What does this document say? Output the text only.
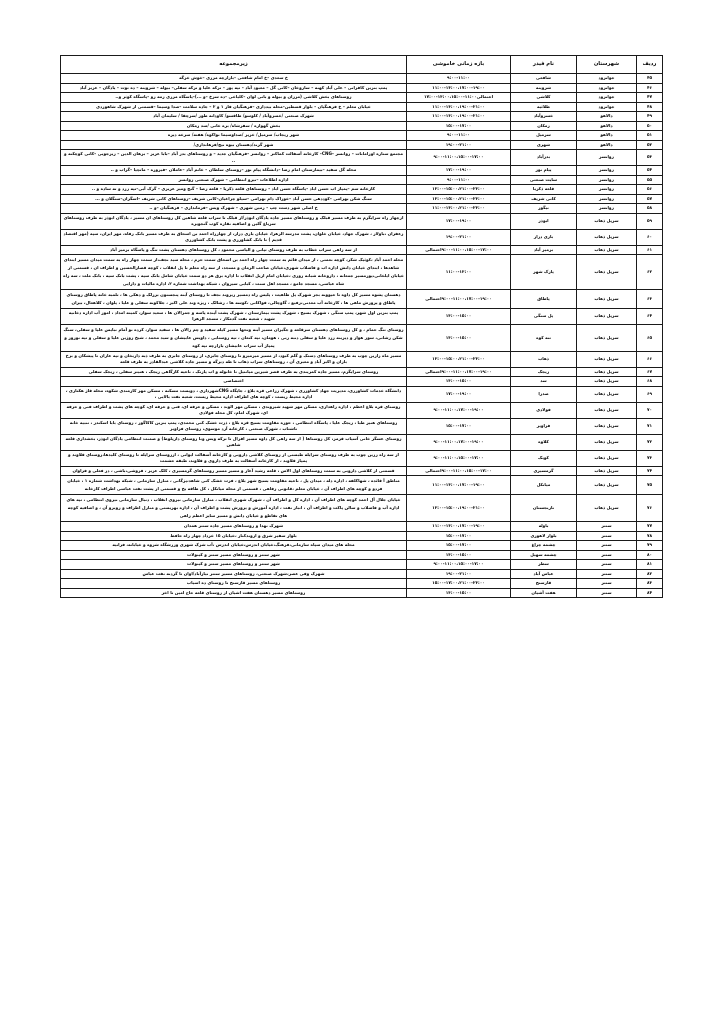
ردیف	شهرستان	نام فیدر	بازه زمانی خاموشی	زیرمجموعه
۴۵	جوانرود	شافعی	۹:۰۰-۱۱:۰۰	خ سعدی –خ امام شافعی –بازارچه مرزی –خوش خرگه
۴۶	جوانرود	شروینه	۱۱:۰۰-۱۳:۰۰،۱۷:۰۰-۱۹:۰۰	پمپ بنزین کافرانی – علی آباد کهنه – ساروخان –کانی گل – معبود آباد – تپه پور – ترکه علیا و ترکه سفلی– بیوله – شروینه – ده توت – یادگان – عزیز آباد
۴۷	جوانرود	کلاشی	احتمالی۱۱:۰۰-۱۳:۰۰،۱۵:۰۰-۱۷:۰۰	روستاهای بخش کلاشی (مزران و بیوله و بانی لوان –کلیاخی –ده سرخ –و ...)–پاسگاه مرزی رمه رو –پاسگاه کوثر و..
۴۸	جوانرود	طلائیه	۱۱:۰۰-۱۳:۰۰،۱۹:۰۰-۲۱:۰۰	خیابان معلم – خ فرهنگیان – بلوار قسطین–محله بیدداری –فرهنگیان فاز ۱ و ۲ – جاده سلامت –صدا وسیما –قسمتی از شهرک شاهوردی
۴۹	دالاهو	خسروآباد	۱۱:۰۰-۱۳:۰۰،۱۹:۰۰-۲۱:۰۰	شهرک صنعتی /خسروآباد / کلوسو/ طاقسو/ کاودانه طور /سرچقا / سلیمان آباد
۵۰	دالاهو	زمکان	۱۵:۰۰-۱۷:۰۰	بخش گهواره / سفرشاه/ بره خانی /سد زمکان
۵۱	دالاهو	سرمیل	۹:۰۰-۱۱:۰۰	شهر ریجاب/ سرمیل/ خرپر /صداوسیما نواکوه/ هفته/ سرخه دیزه
۵۲	دالاهو	شهری	۱۹:۰۰-۲۱:۰۰	شهر گرند/دهستان بیوه نیج/فرهانداری/
۵۳	روانسر	بدرآباد	۹:۰۰-۱۱:۰۰،۱۵:۰۰-۱۷:۰۰	مجتمع ستاره اورامانات – روانسر –CNG– کارخانه آسفالت کماکتر – روانسر –فرهنگیان جدید – و روستاهای بدر آباد –بابا عزیز – برهان الدین – زیرجویی –کانی کوچکنه و ..
۵۴	روانسر	پیام نور	۱۷:۰۰-۱۹:۰۰	محله گل سفید –بیمارستان امام رضا –دانشگاه پیام نور –روستای سلطان – خانم آباد –عاملان –فیروزه – ماتچیا –گراب و ..
۵۵	روانسر	سایت صنعتی	۹:۰۰-۱۱:۰۰	اداره اطلاعات –نیرو انتظامی – شهرک صنعتی روانسر
۵۶	روانسر	قلعه ذکریا	۱۳:۰۰-۱۵:۰۰،۲۱:۰۰-۲۳:۰۰	کارخانه سم –پمپاژ اب حسن اباد –پاسگاه حسن اباد – روستاهای قلعه ذکریا – قلعه رضا – گنج ومیر عزیزی – گرک آبی–تپه زرد و ته ساده و ..
۵۷	روانسر	کانی شریف	۱۳:۰۰-۱۵:۰۰،۲۱:۰۰-۲۳:۰۰	سنگ شکن بهرامی –کوددهی حسن آباد –خوراک دام بهرامی –سیلو چراغیان–کانی شریف –روستاهای کانی شریف –اسگران–سنگلان و ...
۵۸	روانسر	نیگور	۱۱:۰۰-۱۳:۰۰،۲۱:۰۰-۲۳:۰۰	خ اصلی شهر دست چپ – زمین شهری – شهرک وبس –فرمانداری – فرهنگیان –و ..
۵۹	سرپل ذهاب	ابوذر	۱۷:۰۰-۱۹:۰۰	ازچهار راه سرایگرم به طرف مسیر قبلک و روستاهای مسیر جاده یادگان ابوذر/از قبلک تا سراب قلعه شاهین کل روستاهای ان مسیر ، یادگان ابوذر به طرف روستاهای سرباغ گلین و اضافیه نقاره کوب گنجویره
۶۰	سرپل ذهاب	بازی دراز	۱۹:۰۰-۲۱:۰۰	زعفران ،باولار ، شهرک جهاد، خیابان خلوان، پشت مدرسه الزهرا، خیابان بازی دراز، از چهارراه احمد بن اسحاق به طرف مسیر بانک رفاه، مهر ایران، سپه (مهر اقتصاد قدیم ) تا بانک کشاورزی و پشت بانک کشاورزی
۶۱	سرپل ذهاب	بزمیر آباد	۹:۰۰-۱۱:۰۰،۱۵:۰۰-۱۷:۰۰احتمالی	از سه راهی سراب خطاب به طرف روستای تپانی و الیاسی محمود ، کل روستاهای دهستان پشت تنگ و پاسگاه بزمیر آباد
۶۲	سرپل ذهاب	پارک شهر	۱۱:۰۰-۱۳:۰۰	محله احمد آباد ،کوئیک شکر، کوچه نعمتی ، از میدان قائم به سمت چهار راه احمد بن اسحاق سمت حرم ، محله سید نجف،از سمت چهار راه به سمت میدان مسیر ابتدای شاهدها ، ابتدای خیابان دانش اداره اب و فاضلاب شهری،خیابان صاحب الزمان و مسجد، از سه راه معلم تا پل انقلاب ، کوچه قصارالحسین و اطراف ان ، قسمتی از خیابان ایلخانی،پورمسیر جمعانه ، داروخانه شبانه روزی ،خیابان امام ازیل انقلاب تا اداره برق هر دو سمت خیابان شامل بانک سپه ، پشت بانک سپه ، بانک ملت ، سه راه شاه عباسی، مسجد جامع ، مسجد اهل سنت ، کبابی سیروان ، شبکه بهداشت شماره ۲، اداره مالیات و دارایی
۶۳	سرپل ذهاب	پاطاق	۹:۰۰-۱۱:۰۰،۱۷:۰۰-۱۹:۰۰احتمالی	دهستان پشوه مسیر کل داوه تا حیوونه بجز شهرک پل طاهیت ، پلیس راه دمسیر ریزوند نجف تا روستای آبنه پنجستون برزلک و دهکی ها ، تلمبه خانه پاطاق روستای پاطاق و پرورش ماهی ها ، کارخانه آب معدنی،رفیع ، گاوچالی، فواکانی ،کوسه ها ، رشالک ، ریژه وند علی اکبر ، جلاکونه سفلی و علیا ، پلوان ، کلاهعال، بیران
۶۴	سرپل ذهاب	پل سنگی	۱۳:۰۰-۱۵:۰۰	پمپ بنزین اول شهر، پمپ سنگی ، شهرک بسیج ، شهرک پشت بیمارستان ، شهرک پشت آینده پاسه و جمرالان ها ، سعید سوار، کمیته امداد ، امور آب اداره دخانیه شهید ، شعبه نفت گدمکار ، مسجد الزهرا
۶۵	سرپل ذهاب	تنه کوه	۱۳:۰۰-۱۵:۰۰	روستای تنگ حمام ، و کل روستاهای دهستان سرقلعه و جگیران مسیر آبنه وتحها مسیر کیله سفید و چم زالان ها ، سفید سوار، کرده نو آمام نبایس علیا و سفلی، سنگ شکن رشانی، سور هوار و دیرینه زرد علیا و سفلی دنبه رنی ، هومان، تپه کنعان ، تپه روستایی ، داویس عابیشان و سید محمد ، شیخ روژین علیا و سفلی و تپه نوروز و پمپاژ آب سراب عابیشان بازارچه تپه کوه
۶۶	سرپل ذهاب	ذهاب	۱۳:۰۰-۱۵:۰۰،۲۱:۰۰-۲۳:۰۰	مسیر ماه زارین چوب به طرف روستاهای دستک و گلم کبود، از مسیر میرمیرو تا روستای جابری، از روستای جابری به طرف ذبه داربخان و تپه عاران تا پیشکان و برخ باران و اکبر آباد و معبری آن ، روستاهای سراب ذهاب تا طه دیزگه و مسیر جاده کلاشی عبدالقادر به طرف قلعه
۶۷	سرپل ذهاب	ریجک	۹:۰۰-۱۱:۰۰،۱۷:۰۰-۱۹:۰۰احتمالی	روستای سرایگرم، مسیر جاده کمربندی به طرف قصر شیرین میانتیل تا خانوله و اب پارتک ، ناحیه کارگاهی ریجک ، هنیتر سفلی ، ریجک سفلی
۶۸	سرپل ذهاب	سد	۱۳:۰۰-۱۵:۰۰	اختصاصی
۶۹	سرپل ذهاب	صدرا	۱۷:۰۰-۱۹:۰۰	دانشگاه خدمات کشاورزی، مدیریت جهاد کشاورزی ، شهرک زراعی قره بلاغ ، جایگاه CNGشهرداری ، دویست مسکنه ، مسکن مهر کارمندی شکوه، محله قاژ هکتاری ، اداره محیط زیست ، کوچه های اطراف اداره محیط زیست، شعبه نفت بالایی ،
۷۰	سرپل ذهاب	فولادی	۹:۰۰-۱۱:۰۰،۱۷:۰۰-۱۹:۰۰	روستای قره بلاغ اعظم ، اداره راهداری، مسکن مهر شهید شیروندی ، مسکن مهر الوند ، مسکن و حرفه ای، فنی و حرفه ای، کوچه های پشت و اطراف فنی و حرفه ای، شهرک امام، کل محله فولادی
۷۱	سرپل ذهاب	فراویز	۱۵:۰۰-۱۷:۰۰	روستاهای هنیر طبا ، ریجک علیا ، پاسگاه انتظامی ، حوزه مقاومت بسیج قره بلاغ ، ذرت خشک کنی محمدی، پمپ بنزین کاکاگور ، روستای بابا اسکندر ، تنبیه خانه ناشتاب ، شهرک صنعتی ، کارخانه آرد موسوی، روستای فراویز
۷۲	سرپل ذهاب	کلاوه	۹:۰۰-۱۱:۰۰،۱۷:۰۰-۱۹:۰۰	روستای عسگر خانی آسیاب قرمز، کل روستاها ( از سه راهی کل داوه مسیر افزال تا ترکه وبس ونا روستای دارپلوط) و ضمنت انتظامی یادگان ابوذر، بخشداری قلعه شاهین
۷۳	سرپل ذهاب	کوبک	۹:۰۰-۱۱:۰۰،۱۵:۰۰-۱۷:۰۰	از سه راه زرین چوب به طرف روستای سرایله طبستی از روستای کلاشی داروبی و کارخانه آسفالت ایوانی ، ازروستای سرایله تا روستای کلیدها،روستای قلاوند و پمپاژ قلاوند ، از کارخانه آسفالت به طرف داروی و قلاوند، طبقه حشمت
۷۴	سرپل ذهاب	گرمسیری	۹:۰۰-۱۱:۰۰،۱۵:۰۰-۱۷:۰۰احتمالی	قسمتی از کلاشی داروبی به سمت روستاهای اول الاس ، قلعه رشید آغاز و مسیر مسیر روستاهای گرمسیری ، کلک عزیز ، فروشی،باشی ، در فعلی و فراوان
۷۵	سرپل ذهاب	میانکل	۱۱:۰۰-۱۳:۰۰،۱۷:۰۰-۱۹:۰۰	مناطق آ قائده ، شهاکلفه ، اداره دله ، میدان پل ، ناحیه مقاومت بسیج شهر بلاغ ، فرت خشک کنی شاهد،پژگانی ، منازل سازمانی ، شبکه بهداشت شماره ۱ ، خیابان فردو و کوچه های اطراف آن ، خیابان معلم ،قانونی رفاهی ، قسمتی از محله میانکل ، کل طاقه یخ و قسمتی از پشت نفت عباسی اطراف کارخانه
۷۶	سرپل ذهاب	نارنجستان	۱۳:۰۰-۱۵:۰۰،۱۹:۰۰-۲۱:۰۰	خیابان جلال آل احمد کوچه های اطراف آن ، اداره کل و اطراف آن ، شهرک شهری انقلاب ، منازل سازمانی نیروی انقلاب ، دنبال سازمانی نیروی انتظامی ، تپه های اداره آب و فاضلاب و سالن پاکت و اطراف آن ، انبار نفت ، اداره آموزش و پرورش پشت و اطراف آن ، اداره بهزیستی و منازل اطراف و روبرو آن ، و اضافیه کوچه های تقاطع و خیابان دانش و مسیر سایر اعظم راهی
۷۷	ستتر	باوله	۱۱:۰۰-۱۳:۰۰،۱۷:۰۰-۱۹:۰۰	شهرک نهدا و روستاهای مسیر جاده ستتر همدان
۷۸	ستتر	بلوار لاهوری	۱۵:۰۰-۱۷:۰۰	بلوار سفیر شرق و اروندکنار ،خیابان ۱۵ خرداد چهار راه حافظ
۷۹	ستتر	چشمه چراغ	۱۵:۰۰-۱۷:۰۰	محله های میدان سپاه سازمانی،فرهنگ،خیابان اندرس،خیابان اندرس ،آب شرک شهری ورزشگاه شروه و خیابانه، فرانیه
۸۰	ستتر	چشمه سهیل	۱۳:۰۰-۱۵:۰۰	شهر ستتر و روستاهای مسیر ستتر و کینولات
۸۱	ستتر	سطر	۹:۰۰-۱۱:۰۰،۱۵:۰۰-۱۷:۰۰	شهر ستتر و روستاهای مسیر ستتر و کینولات
۸۲	ستتر	عباس آباد	۱۹:۰۰-۲۱:۰۰	شهرک وفی عصر،شهرک صنعتی، روستاهای مسیر ستتر نیازآباد/اوان تا گردنه نفت عباس
۸۳	ستتر	قارسنج	۱۵:۰۰-۱۷:۰۰،۲۱:۰۰-۲۳:۰۰	روستاهای مسیر قارسنج تا روستای ده اسیاب
۸۴	ستتر	هفت آشیان	۱۳:۰۰-۱۵:۰۰	روستاهای مسیر دهستان هفت اشیان از روستای قلعه حاج امین تا اخر
